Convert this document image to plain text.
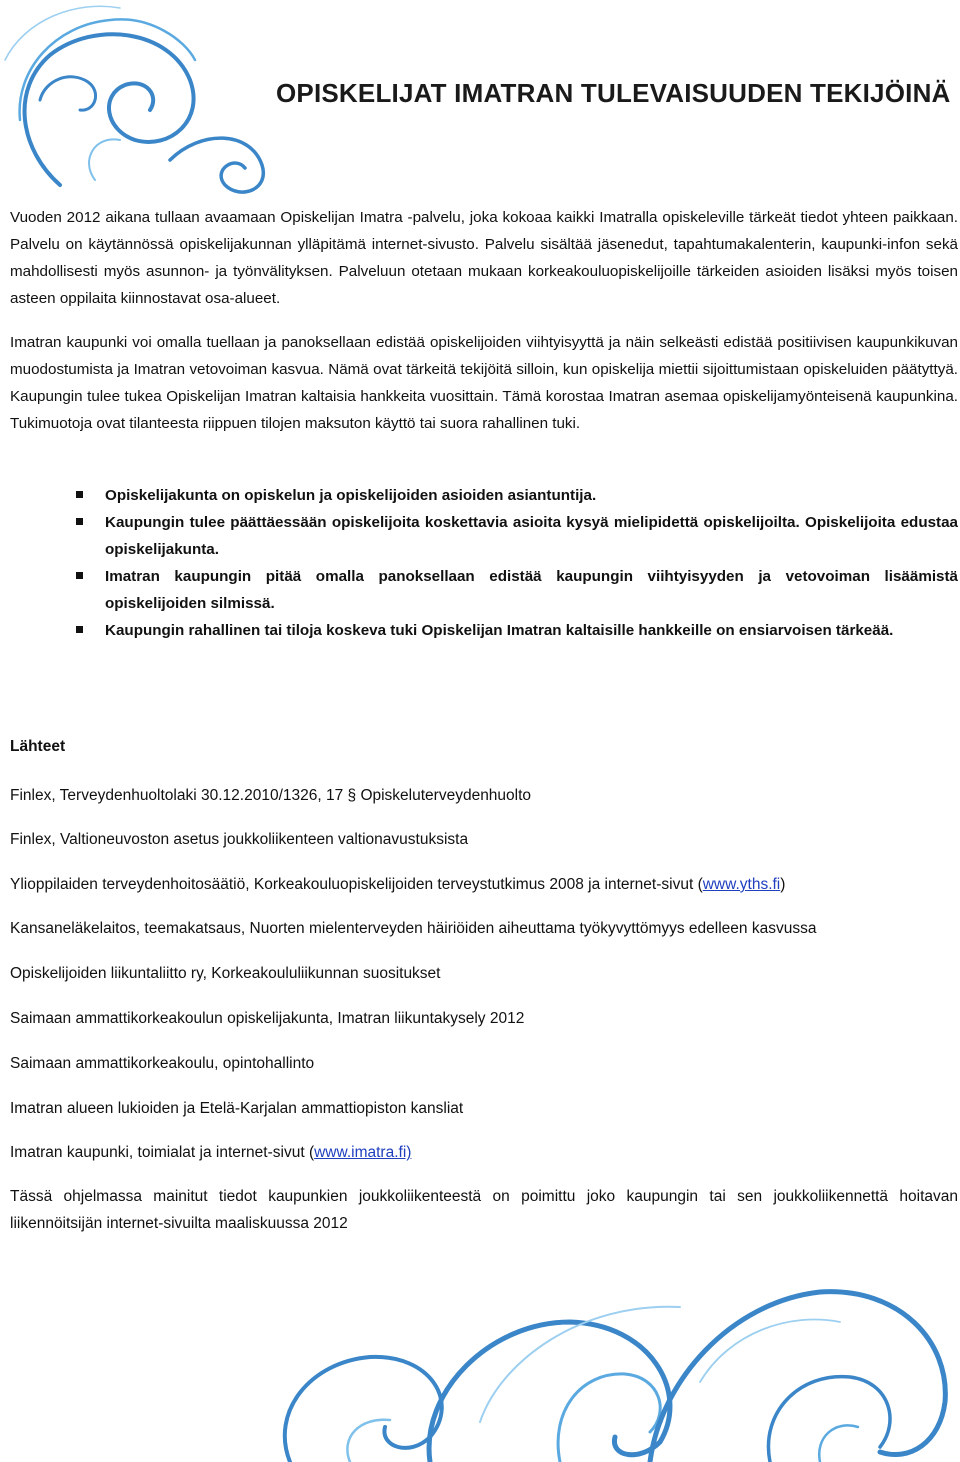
OPISKELIJAT IMATRAN TULEVAISUUDEN TEKIJÖINÄ

Vuoden 2012 aikana tullaan avaamaan Opiskelijan Imatra -palvelu, joka kokoaa kaikki Imatralla opiskeleville tärkeät tiedot yhteen paikkaan. Palvelu on käytännössä opiskelijakunnan ylläpitämä internet-sivusto. Palvelu sisältää jäsenedut, tapahtumakalenterin, kaupunki-infon sekä mahdollisesti myös asunnon- ja työnvälityksen. Palveluun otetaan mukaan korkeakouluopiskelijoille tärkeiden asioiden lisäksi myös toisen asteen oppilaita kiinnostavat osa-alueet.

Imatran kaupunki voi omalla tuellaan ja panoksellaan edistää opiskelijoiden viihtyisyyttä ja näin selkeästi edistää positiivisen kaupunkikuvan muodostumista ja Imatran vetovoiman kasvua. Nämä ovat tärkeitä tekijöitä silloin, kun opiskelija miettii sijoittumistaan opiskeluiden päätyttyä. Kaupungin tulee tukea Opiskelijan Imatran kaltaisia hankkeita vuosittain. Tämä korostaa Imatran asemaa opiskelijamyönteisenä kaupunkina. Tukimuotoja ovat tilanteesta riippuen tilojen maksuton käyttö tai suora rahallinen tuki.

Opiskelijakunta on opiskelun ja opiskelijoiden asioiden asiantuntija.
Kaupungin tulee päättäessään opiskelijoita koskettavia asioita kysyä mielipidettä opiskelijoilta. Opiskelijoita edustaa opiskelijakunta.
Imatran kaupungin pitää omalla panoksellaan edistää kaupungin viihtyisyyden ja vetovoiman lisäämistä opiskelijoiden silmissä.
Kaupungin rahallinen tai tiloja koskeva tuki Opiskelijan Imatran kaltaisille hankkeille on ensiarvoisen tärkeää.
Lähteet
Finlex, Terveydenhuoltolaki 30.12.2010/1326, 17 § Opiskeluterveydenhuolto
Finlex, Valtioneuvoston asetus joukkoliikenteen valtionavustuksista
Ylioppilaiden terveydenhoitosäätiö, Korkeakouluopiskelijoiden terveystutkimus 2008 ja internet-sivut (www.yths.fi)
Kansaneläkelaitos, teemakatsaus, Nuorten mielenterveyden häiriöiden aiheuttama työkyvyttömyys edelleen kasvussa
Opiskelijoiden liikuntaliitto ry, Korkeakoululiikunnan suositukset
Saimaan ammattikorkeakoulun opiskelijakunta, Imatran liikuntakysely 2012
Saimaan ammattikorkeakoulu, opintohallinto
Imatran alueen lukioiden ja Etelä-Karjalan ammattiopiston kansliat
Imatran kaupunki, toimialat ja internet-sivut (www.imatra.fi)
Tässä ohjelmassa mainitut tiedot kaupunkien joukkoliikenteestä on poimittu joko kaupungin tai sen joukkoliikennettä hoitavan liikennöitsijän internet-sivuilta maaliskuussa 2012
